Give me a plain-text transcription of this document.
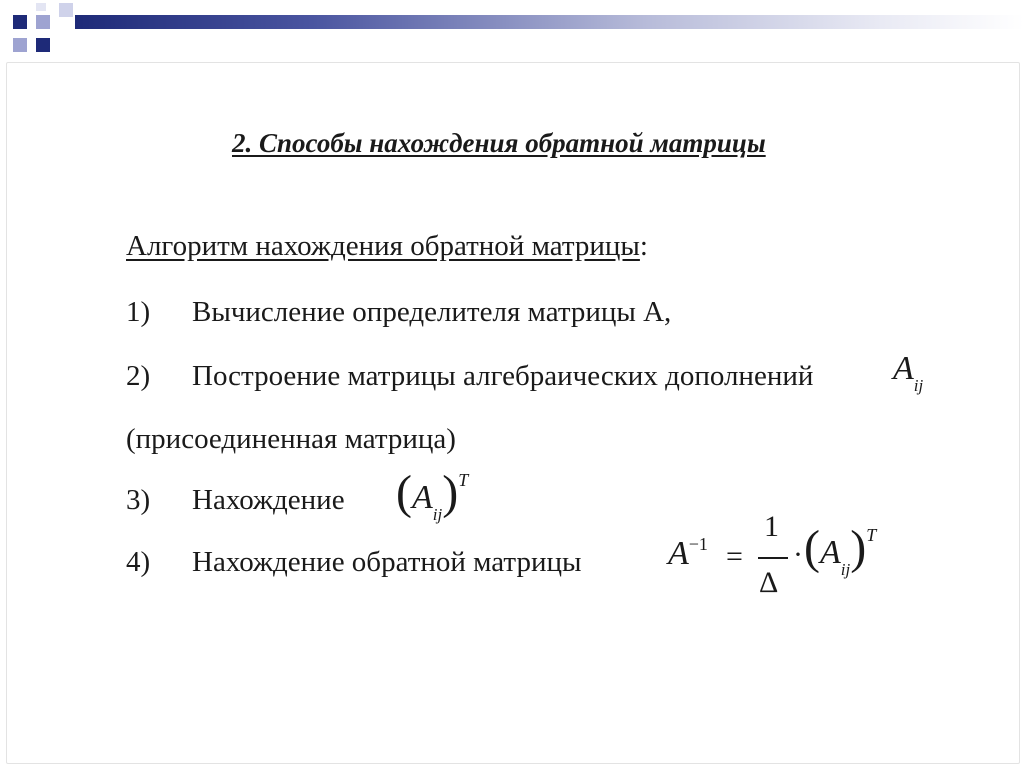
2. Способы нахождения обратной матрицы
Алгоритм нахождения обратной матрицы:
1) Вычисление определителя матрицы А,
2) Построение матрицы алгебраических дополнений $A_{ij}$
(присоединенная матрица)
3) Нахождение $(A_{ij})^T$
4) Нахождение обратной матрицы	$A^{-1}$ =
1
Δ
· $(A_{ij})^T$
